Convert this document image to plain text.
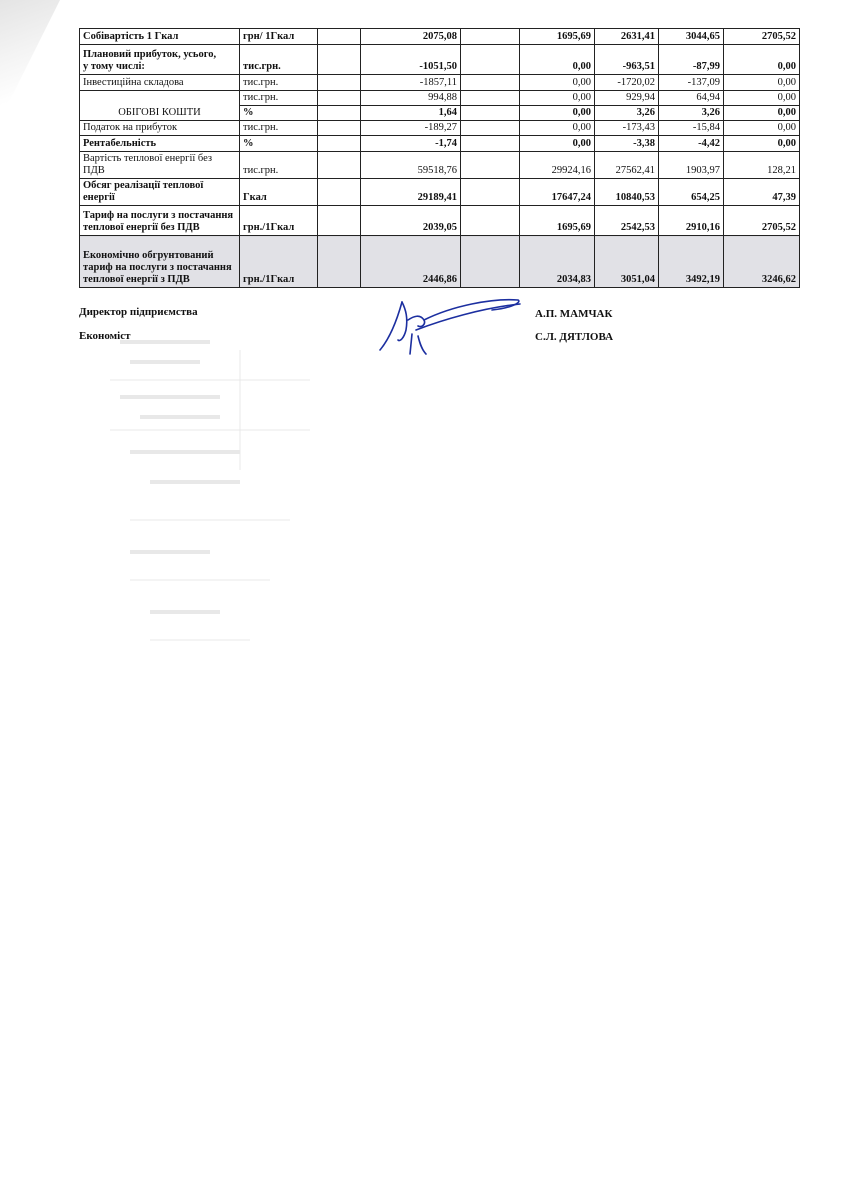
Собівартість 1 Гкал	грн/ 1Гкал		2075,08		1695,69	2631,41	3044,65	2705,52
Плановий прибуток, усього,
у тому числі:	тис.грн.		-1051,50		0,00	-963,51	-87,99	0,00
Інвестиційна складова	тис.грн.		-1857,11		0,00	-1720,02	-137,09	0,00
ОБІГОВІ КОШТИ	тис.грн.		994,88		0,00	929,94	64,94	0,00
	%		1,64		0,00	3,26	3,26	0,00
Податок на прибуток	тис.грн.		-189,27		0,00	-173,43	-15,84	0,00
Рентабельність	%		-1,74		0,00	-3,38	-4,42	0,00
Вартість теплової енергії без
ПДВ	тис.грн.		59518,76		29924,16	27562,41	1903,97	128,21
Обсяг реалізації теплової
енергії	Гкал		29189,41		17647,24	10840,53	654,25	47,39
Тариф на послуги з постачання
теплової енергії без ПДВ	грн./1Гкал		2039,05		1695,69	2542,53	2910,16	2705,52
Економічно обгрунтований
тариф на послуги з постачання
теплової енергії з ПДВ	грн./1Гкал		2446,86		2034,83	3051,04	3492,19	3246,62
Директор підприємства	А.П. МАМЧАК
Економіст	С.Л. ДЯТЛОВА
